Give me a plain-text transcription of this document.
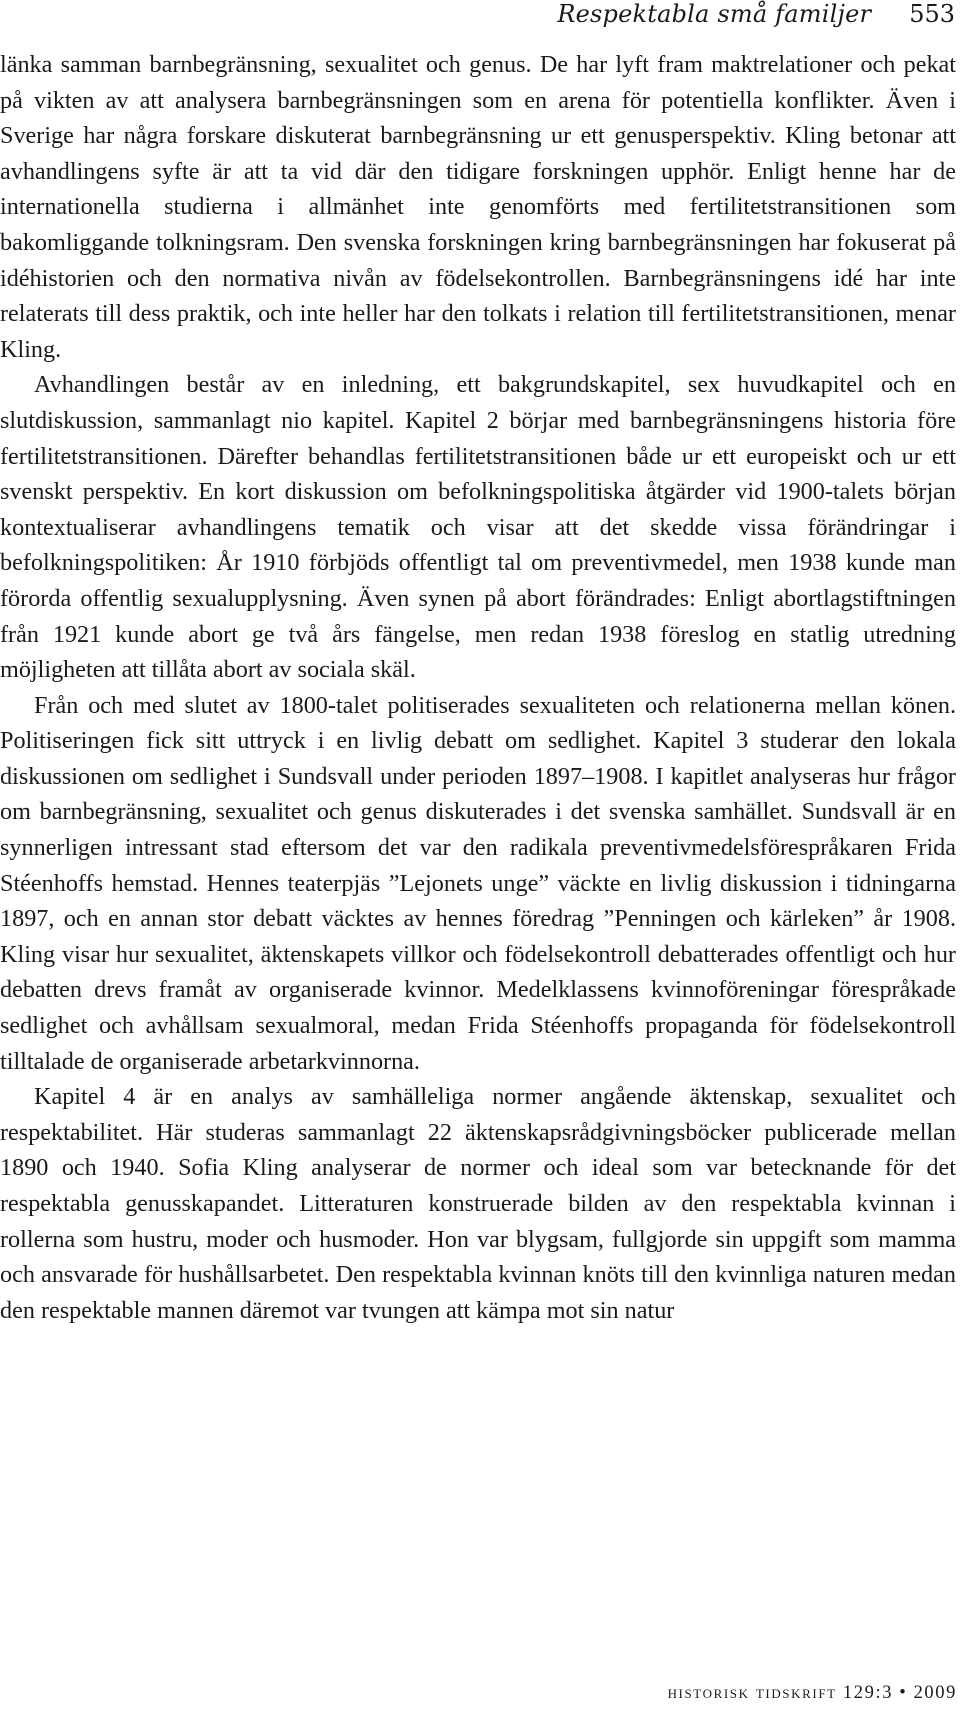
Respektabla små familjer 553

länka samman barnbegränsning, sexualitet och genus. De har lyft fram maktrelationer och pekat på vikten av att analysera barnbegränsningen som en arena för potentiella konflikter. Även i Sverige har några forskare diskuterat barnbegränsning ur ett genusperspektiv. Kling betonar att avhandlingens syfte är att ta vid där den tidigare forskningen upphör. Enligt henne har de internationella studierna i allmänhet inte genomförts med fertilitetstransitionen som bakomliggande tolkningsram. Den svenska forskningen kring barnbegränsningen har fokuserat på idéhistorien och den normativa nivån av födelsekontrollen. Barnbegränsningens idé har inte relaterats till dess praktik, och inte heller har den tolkats i relation till fertilitetstransitionen, menar Kling.

Avhandlingen består av en inledning, ett bakgrundskapitel, sex huvudkapitel och en slutdiskussion, sammanlagt nio kapitel. Kapitel 2 börjar med barnbegränsningens historia före fertilitetstransitionen. Därefter behandlas fertilitetstransitionen både ur ett europeiskt och ur ett svenskt perspektiv. En kort diskussion om befolkningspolitiska åtgärder vid 1900-talets början kontextualiserar avhandlingens tematik och visar att det skedde vissa förändringar i befolkningspolitiken: År 1910 förbjöds offentligt tal om preventivmedel, men 1938 kunde man förorda offentlig sexualupplysning. Även synen på abort förändrades: Enligt abortlagstiftningen från 1921 kunde abort ge två års fängelse, men redan 1938 föreslog en statlig utredning möjligheten att tillåta abort av sociala skäl.

Från och med slutet av 1800-talet politiserades sexualiteten och relationerna mellan könen. Politiseringen fick sitt uttryck i en livlig debatt om sedlighet. Kapitel 3 studerar den lokala diskussionen om sedlighet i Sundsvall under perioden 1897–1908. I kapitlet analyseras hur frågor om barnbegränsning, sexualitet och genus diskuterades i det svenska samhället. Sundsvall är en synnerligen intressant stad eftersom det var den radikala preventivmedelsförespråkaren Frida Stéenhoffs hemstad. Hennes teaterpjäs ”Lejonets unge” väckte en livlig diskussion i tidningarna 1897, och en annan stor debatt väcktes av hennes föredrag ”Penningen och kärleken” år 1908. Kling visar hur sexualitet, äktenskapets villkor och födelsekontroll debatterades offentligt och hur debatten drevs framåt av organiserade kvinnor. Medelklassens kvinnoföreningar förespråkade sedlighet och avhållsam sexualmoral, medan Frida Stéenhoffs propaganda för födelsekontroll tilltalade de organiserade arbetarkvinnorna.

Kapitel 4 är en analys av samhälleliga normer angående äktenskap, sexualitet och respektabilitet. Här studeras sammanlagt 22 äktenskapsrådgivningsböcker publicerade mellan 1890 och 1940. Sofia Kling analyserar de normer och ideal som var betecknande för det respektabla genusskapandet. Litteraturen konstruerade bilden av den respektabla kvinnan i rollerna som hustru, moder och husmoder. Hon var blygsam, fullgjorde sin uppgift som mamma och ansvarade för hushållsarbetet. Den respektabla kvinnan knöts till den kvinnliga naturen medan den respektable mannen däremot var tvungen att kämpa mot sin natur

historisk tidskrift 129:3 • 2009
